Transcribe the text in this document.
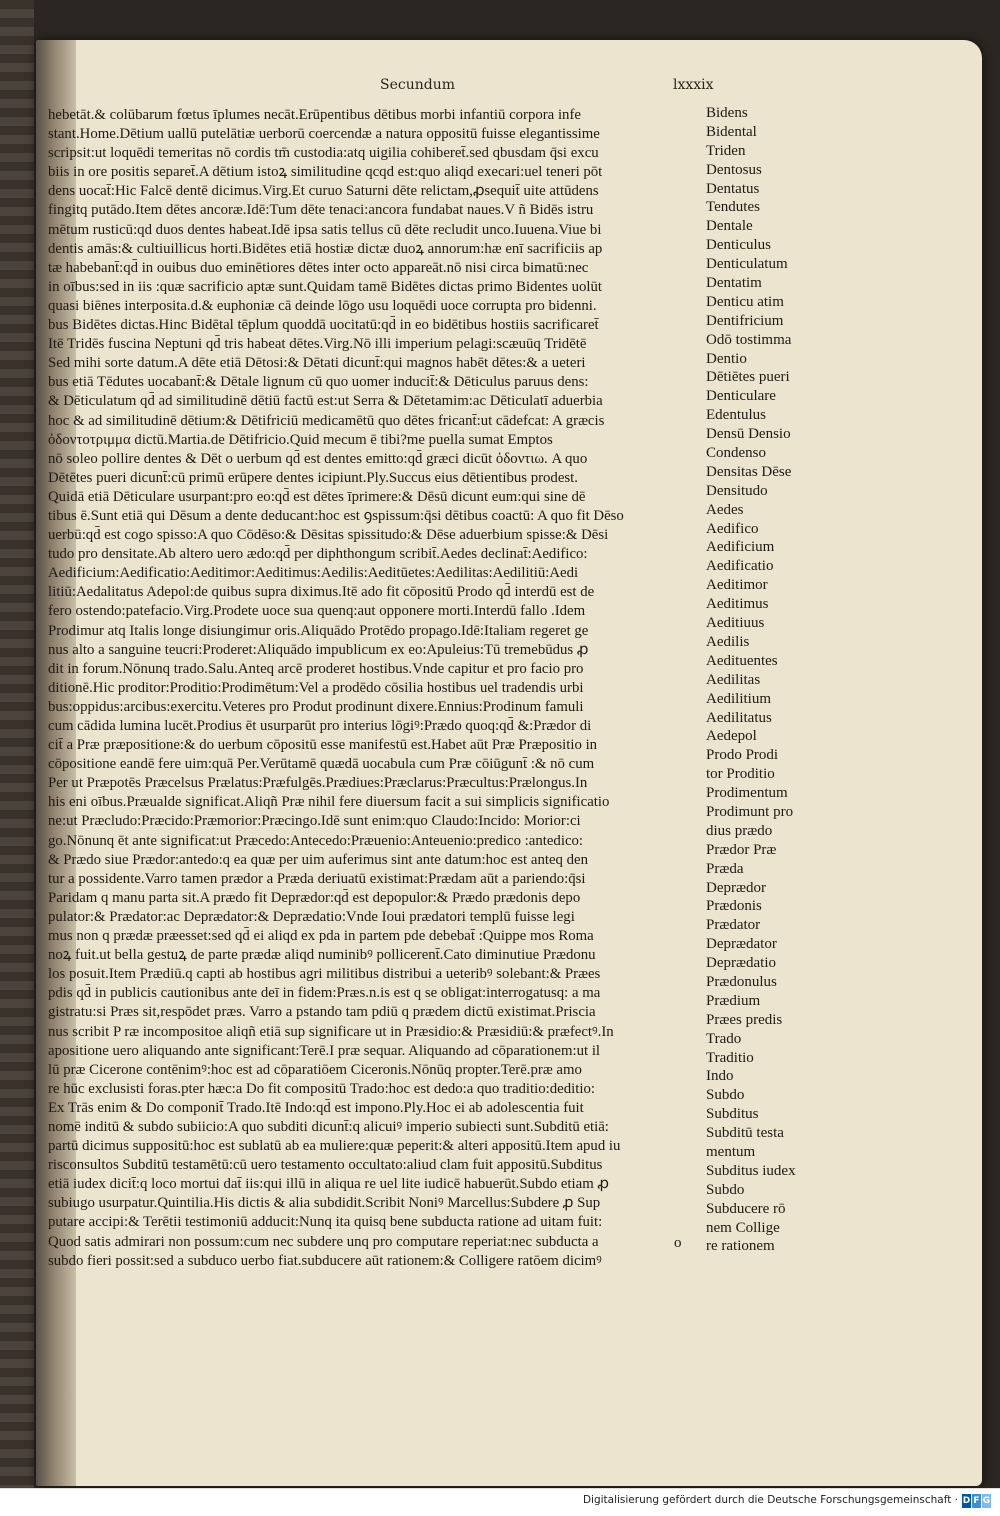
Secundum	lxxxix
hebetāt.& colūbarum fœtus īplumes necāt.Erūpentibus dētibus morbi infantiū corpora infe
stant.Home.Dētium uallū putelātiæ uerborū coercendæ a natura oppositū fuisse elegantissime
scripsit:ut loquēdi temeritas nō cordis tm̄ custodia:atq uigilia cohiberet̄.sed qbusdam q̄si excu
biis in ore positis separet̄.A dētium istoꝝ similitudine qcqd est:quo aliqd execari:uel teneri pōt
dens uocat̄:Hic Falcē dentē dicimus.Virg.Et curuo Saturni dēte relictam,ꝓsequit̄ uite attūdens
fingitq putādo.Item dētes ancoræ.Idē:Tum dēte tenaci:ancora fundabat naues.V ñ Bidēs istru
mētum rusticū:qd duos dentes habeat.Idē ipsa satis tellus cū dēte recludit unco.Iuuena.Viue bi
dentis amās:& cultiuillicus horti.Bidētes etiā hostiæ dictæ duoꝝ annorum:hæ enī sacrificiis ap
tæ habebant̄:qd̄ in ouibus duo eminētiores dētes inter octo appareāt.nō nisi circa bimatū:nec
in oībus:sed in iis :quæ sacrificio aptæ sunt.Quidam tamē Bidētes dictas primo Bidentes uolūt
quasi biēnes interposita.d.& euphoniæ cā deinde lōgo usu loquēdi uoce corrupta pro bidenni.
bus Bidētes dictas.Hinc Bidētal tēplum quoddā uocitatū:qd̄ in eo bidētibus hostiis sacrificaret̄
Itē Tridēs fuscina Neptuni qd̄ tris habeat dētes.Virg.Nō illi imperium pelagi:scæuūq Tridētē
Sed mihi sorte datum.A dēte etiā Dētosi:& Dētati dicunt̄:qui magnos habēt dētes:& a ueteri
bus etiā Tēdutes uocabant̄:& Dētale lignum cū quo uomer inducit̄:& Dēticulus paruus dens:
& Dēticulatum qd̄ ad similitudinē dētiū factū est:ut Serra & Dētetamim:ac Dēticulatī aduerbia
hoc & ad similitudinē dētium:& Dētifriciū medicamētū quo dētes fricant̄:ut cādefcat: A græcis
ὀδοντοτριμμα dictū.Martia.de Dētifricio.Quid mecum ē tibi?me puella sumat Emptos
nō soleo pollire dentes & Dēt o uerbum qd̄ est dentes emitto:qd̄ græci dicūt ὀδοντιω. A quo
Dētētes pueri dicunt̄:cū primū erūpere dentes icipiunt.Ply.Succus eius dētientibus prodest.
Quidā etiā Dēticulare usurpant:pro eo:qd̄ est dētes īprimere:& Dēsū dicunt eum:qui sine dē
tibus ē.Sunt etiā qui Dēsum a dente deducant:hoc est ꝯspissum:q̄si dētibus coactū: A quo fit Dēso
uerbū:qd̄ est cogo spisso:A quo Cōdēso:& Dēsitas spissitudo:& Dēse aduerbium spisse:& Dēsi
tudo pro densitate.Ab altero uero ædo:qd̄ per diphthongum scribit̄.Aedes declinat̄:Aedifico:
Aedificium:Aedificatio:Aeditimor:Aeditimus:Aedilis:Aeditūetes:Aedilitas:Aedilitiū:Aedi
litiū:Aedalitatus Adepol:de quibus supra diximus.Itē ado fit cōpositū Prodo qd̄ interdū est de
fero ostendo:patefacio.Virg.Prodete uoce sua quenq:aut opponere morti.Interdū fallo .Idem
Prodimur atq Italis longe disiungimur oris.Aliquādo Protēdo propago.Idē:Italiam regeret ge
nus alto a sanguine teucri:Proderet:Aliquādo impublicum ex eo:Apuleius:Tū tremebūdus ꝓ
dit in forum.Nōnunq trado.Salu.Anteq arcē proderet hostibus.Vnde capitur et pro facio pro
ditionē.Hic proditor:Proditio:Prodimētum:Vel a prodēdo cōsilia hostibus uel tradendis urbi
bus:oppidus:arcibus:exercitu.Veteres pro Produt prodinunt dixere.Ennius:Prodinum famuli
cum cādida lumina lucēt.Prodius ēt usurparūt pro interius lōgiꝰ:Prædo quoq:qd̄ &:Prædor di
cit̄ a Præ præpositione:& do uerbum cōpositū esse manifestū est.Habet aūt Præ Præpositio in
cōpositione eandē fere uim:quā Per.Verūtamē quædā uocabula cum Præ cōiūgunt̄ :& nō cum
Per ut Præpotēs Præcelsus Prælatus:Præfulgēs.Prædiues:Præclarus:Præcultus:Prælongus.In
his eni oībus.Præualde significat.Aliqñ Præ nihil fere diuersum facit a sui simplicis significatio
ne:ut Præcludo:Præcido:Præmorior:Præcingo.Idē sunt enim:quo Claudo:Incido: Morior:ci
go.Nōnunq ēt ante significat:ut Præcedo:Antecedo:Præuenio:Anteuenio:predico :antedico:
& Prædo siue Prædor:antedo:q ea quæ per uim auferimus sint ante datum:hoc est anteq den
tur a possidente.Varro tamen prædor a Præda deriuatū existimat:Prædam aūt a pariendo:q̄si
Paridam q manu parta sit.A prædo fit Deprædor:qd̄ est depopulor:& Prædo prædonis depo
pulator:& Prædator:ac Deprædator:& Deprædatio:Vnde Ioui prædatori templū fuisse legi
mus non q prædæ præesset:sed qd̄ ei aliqd ex pda in partem pde debebat̄ :Quippe mos Roma
noꝝ fuit.ut bella gestuꝝ de parte prædæ aliqd numinibꝰ pollicerent̄.Cato diminutiue Prædonu
los posuit.Item Prædiū.q capti ab hostibus agri militibus distribui a ueteribꝰ solebant:& Præes
pdis qd̄ in publicis cautionibus ante deī in fidem:Præs.n.is est q se obligat:interrogatusq: a ma
gistratu:si Præs sit,respōdet præs. Varro a pstando tam pdiū q prædem dictū existimat.Priscia
nus scribit P ræ incompositoe aliqñ etiā sup significare ut in Præsidio:& Præsidiū:& præfectꝰ.In
apositione uero aliquando ante significant:Terē.I præ sequar. Aliquando ad cōparationem:ut il
lū præ Cicerone contēnimꝰ:hoc est ad cōparatiōem Ciceronis.Nōnūq propter.Terē.præ amo
re hūc exclusisti foras.pter hæc:a Do fit compositū Trado:hoc est dedo:a quo traditio:deditio:
Ex Trās enim & Do componit̄ Trado.Itē Indo:qd̄ est impono.Ply.Hoc ei ab adolescentia fuit
nomē inditū & subdo subiicio:A quo subditi dicunt̄:q alicuiꝰ imperio subiecti sunt.Subditū etiā:
partū dicimus suppositū:hoc est sublatū ab ea muliere:quæ peperit:& alteri appositū.Item apud iu
risconsultos Subditū testamētū:cū uero testamento occultato:aliud clam fuit appositū.Subditus
etiā iudex dicit̄:q loco mortui dat̄ iis:qui illū in aliqua re uel lite iudicē habuerūt.Subdo etiam ꝓ
subiugo usurpatur.Quintilia.His dictis & alia subdidit.Scribit Noniꝰ Marcellus:Subdere ꝓ Sup
putare accipi:& Terētii testimoniū adducit:Nunq ita quisq bene subducta ratione ad uitam fuit:
Quod satis admirari non possum:cum nec subdere unq pro computare reperiat:nec subducta a
subdo fieri possit:sed a subduco uerbo fiat.subducere aūt rationem:& Colligere ratōem dicimꝰ
Bidens
Bidental
Triden
Dentosus
Dentatus
Tendutes
Dentale
Denticulus
Denticulatum
Dentatim
Denticu atim
Dentifricium
Odō tostimma
Dentio
Dētiētes pueri
Denticulare
Edentulus
Densū Densio
Condenso
Densitas Dēse
Densitudo
Aedes
Aedifico
Aedificium
Aedificatio
Aeditimor
Aeditimus
Aeditiuus
Aedilis
Aedituentes
Aedilitas
Aedilitium
Aedilitatus
Aedepol
Prodo Prodi
tor Proditio
Prodimentum
Prodimunt pro
dius prædo
Prædor Præ
Præda
Deprædor
Prædonis
Prædator
Deprædator
Deprædatio
Prædonulus
Prædium
Præes predis
Trado
Traditio
Indo
Subdo
Subditus
Subditū testa
mentum
Subditus iudex
Subdo
Subducere rō
nem Collige
re rationem
o
Digitalisierung gefördert durch die Deutsche Forschungsgemeinschaft · D F G
